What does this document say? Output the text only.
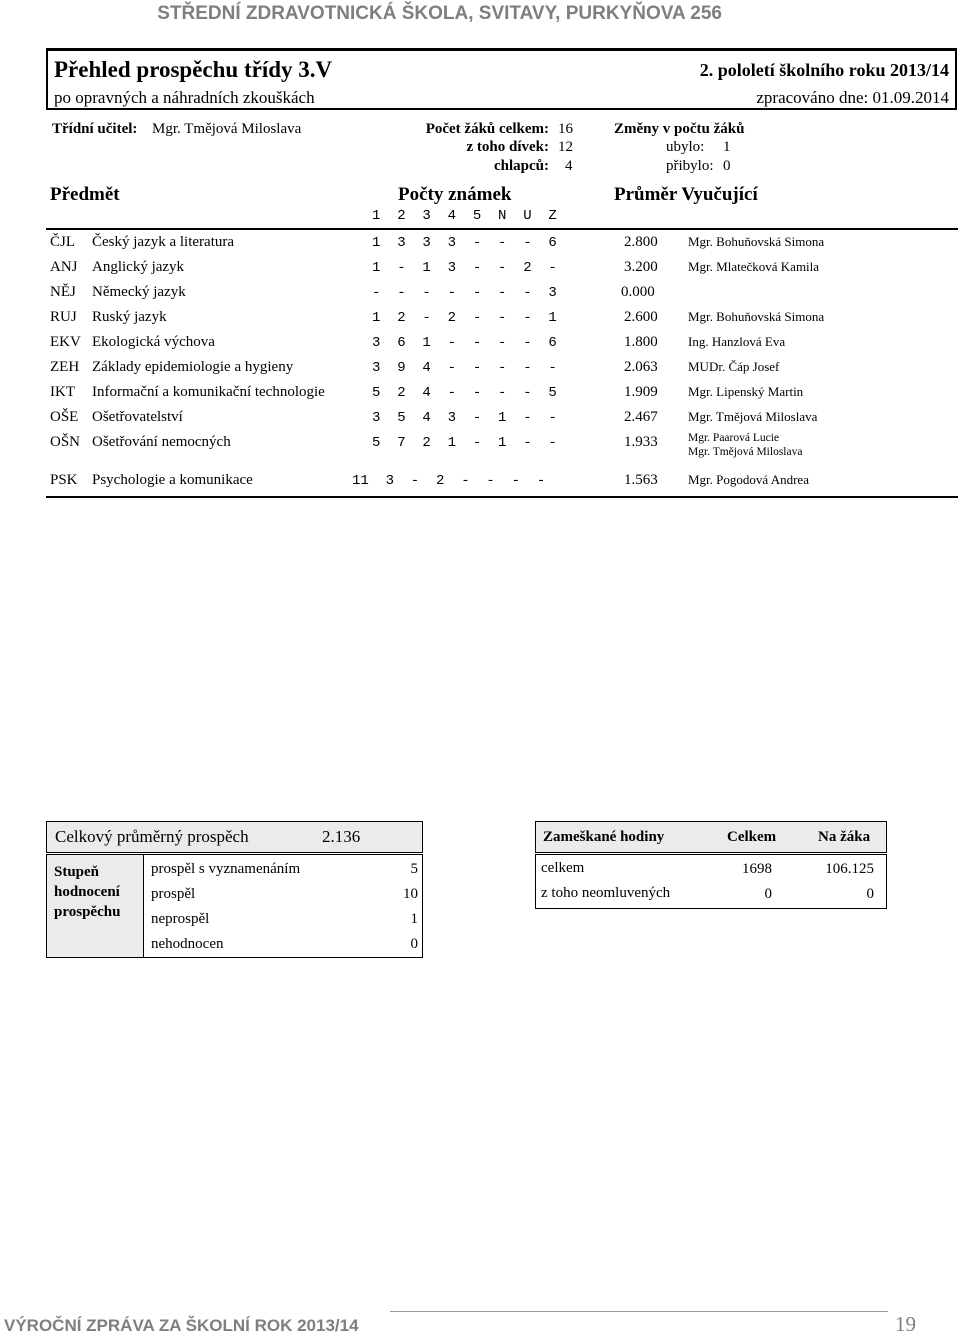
STŘEDNÍ ZDRAVOTNICKÁ ŠKOLA, SVITAVY, PURKYŇOVA 256
Přehled prospěchu třídy 3.V	2. pololetí školního roku 2013/14
po opravných a náhradních zkouškách	zpracováno dne: 01.09.2014
Třídní učitel: Mgr. Tmějová Miloslava	Počet žáků celkem: 16
z toho dívek: 12
chlapců: 4
Změny v počtu žáků
ubylo: 1
přibylo: 0
Předmět	Počty známek
1  2  3  4  5  N  U  Z
Průměr Vyučující
ČJL Český jazyk a literatura	1  3  3  3  -  -  -  6	2.800 Mgr. Bohuňovská Simona
ANJ Anglický jazyk	1  -  1  3  -  -  2  -	3.200 Mgr. Mlatečková Kamila
NĚJ Německý jazyk	-  -  -  -  -  -  -  3	0.000
RUJ Ruský jazyk	1  2  -  2  -  -  -  1	2.600 Mgr. Bohuňovská Simona
EKV Ekologická výchova	3  6  1  -  -  -  -  6	1.800 Ing. Hanzlová Eva
ZEH Základy epidemiologie a hygieny	3  9  4  -  -  -  -  -	2.063 MUDr. Čáp Josef
IKT Informační a komunikační technologie	5  2  4  -  -  -  -  5	1.909 Mgr. Lipenský Martin
OŠE Ošetřovatelství	3  5  4  3  -  1  -  -	2.467 Mgr. Tmějová Miloslava
OŠN Ošetřování nemocných	5  7  2  1  -  1  -  -	1.933	Mgr. Paarová Lucie
Mgr. Tmějová Miloslava
PSK Psychologie a komunikace	11  3  -  2  -  -  -  -	1.563 Mgr. Pogodová Andrea
Celkový průměrný prospěch	2.136
Stupeň hodnocení prospěchu
prospěl s vyznamenáním	5
prospěl	10
neprospěl	1
nehodnocen	0
Zameškané hodiny	Celkem	Na žáka
celkem	1698	106.125
z toho neomluvených	0	0
VÝROČNÍ ZPRÁVA ZA ŠKOLNÍ ROK 2013/14	19
